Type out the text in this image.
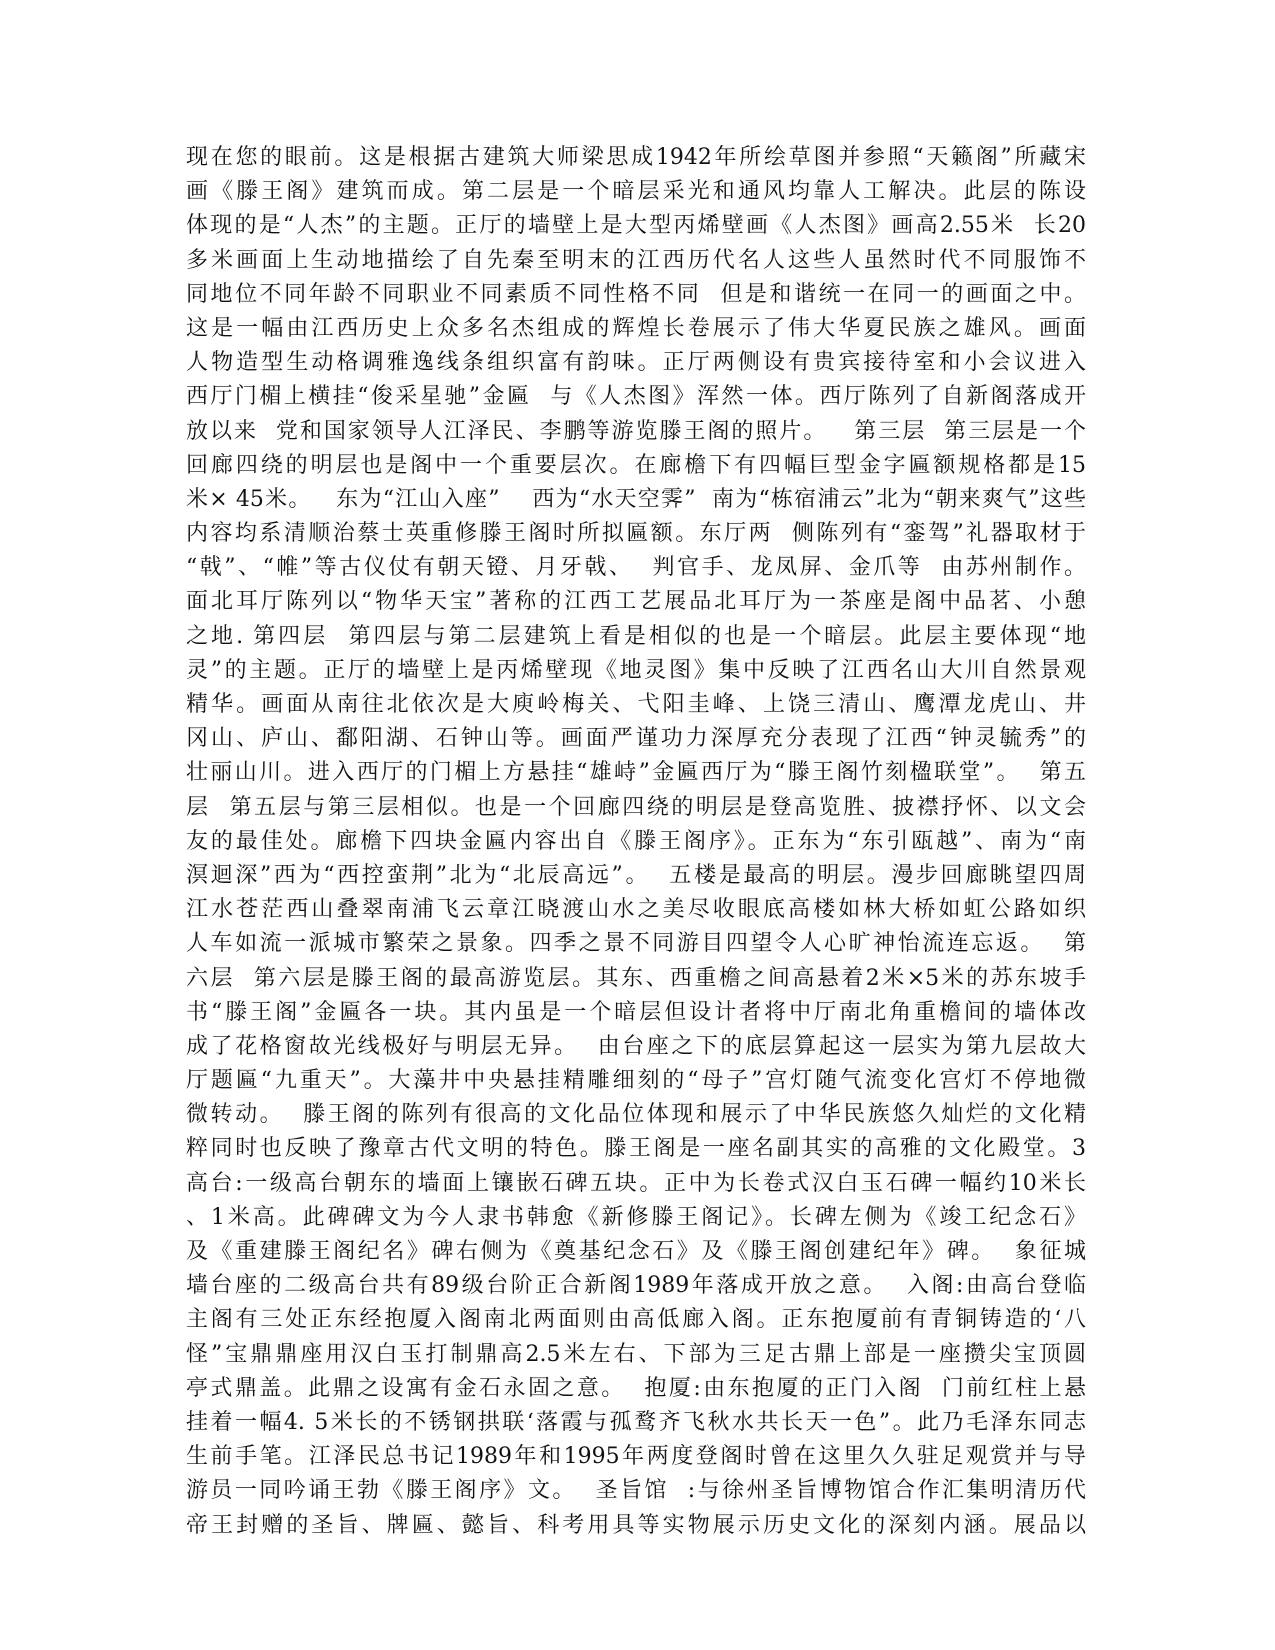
现在您的眼前。这是根据古建筑大师梁思成1942年所绘草图并参照“天籁阁”所藏宋
画《滕王阁》建筑而成。第二层是一个暗层采光和通风均靠人工解决。此层的陈设
体现的是“人杰”的主题。正厅的墙壁上是大型丙烯壁画《人杰图》画高2.55米  长20
多米画面上生动地描绘了自先秦至明末的江西历代名人这些人虽然时代不同服饰不
同地位不同年龄不同职业不同素质不同性格不同  但是和谐统一在同一的画面之中。
这是一幅由江西历史上众多名杰组成的辉煌长卷展示了伟大华夏民族之雄风。画面
人物造型生动格调雅逸线条组织富有韵味。正厅两侧设有贵宾接待室和小会议进入
西厅门楣上横挂“俊采星驰”金匾  与《人杰图》浑然一体。西厅陈列了自新阁落成开
放以来  党和国家领导人江泽民、李鹏等游览滕王阁的照片。   第三层  第三层是一个
回廊四绕的明层也是阁中一个重要层次。在廊檐下有四幅巨型金字匾额规格都是15
米× 45米。   东为“江山入座”    西为“水天空霁”  南为“栋宿浦云”北为“朝来爽气”这些
内容均系清顺治蔡士英重修滕王阁时所拟匾额。东厅两  侧陈列有“銮驾”礼器取材于
“戟”、“帷”等古仪仗有朝天镫、月牙戟、  判官手、龙凤屏、金爪等  由苏州制作。
面北耳厅陈列以“物华天宝”著称的江西工艺展品北耳厅为一茶座是阁中品茗、小憩
之地. 第四层  第四层与第二层建筑上看是相似的也是一个暗层。此层主要体现“地
灵”的主题。正厅的墙壁上是丙烯壁现《地灵图》集中反映了江西名山大川自然景观
精华。画面从南往北依次是大庾岭梅关、弋阳圭峰、上饶三清山、鹰潭龙虎山、井
冈山、庐山、鄱阳湖、石钟山等。画面严谨功力深厚充分表现了江西“钟灵毓秀”的
壮丽山川。进入西厅的门楣上方悬挂“雄峙”金匾西厅为“滕王阁竹刻楹联堂”。  第五
层  第五层与第三层相似。也是一个回廊四绕的明层是登高览胜、披襟抒怀、以文会
友的最佳处。廊檐下四块金匾内容出自《滕王阁序》。正东为“东引瓯越”、南为“南
溟迴深”西为“西控蛮荆”北为“北辰高远”。  五楼是最高的明层。漫步回廊眺望四周
江水苍茫西山叠翠南浦飞云章江晓渡山水之美尽收眼底高楼如林大桥如虹公路如织
人车如流一派城市繁荣之景象。四季之景不同游目四望令人心旷神怡流连忘返。  第
六层  第六层是滕王阁的最高游览层。其东、西重檐之间高悬着2米×5米的苏东坡手
书“滕王阁”金匾各一块。其内虽是一个暗层但设计者将中厅南北角重檐间的墙体改
成了花格窗故光线极好与明层无异。  由台座之下的底层算起这一层实为第九层故大
厅题匾“九重天”。大藻井中央悬挂精雕细刻的“母子”宫灯随气流变化宫灯不停地微
微转动。  滕王阁的陈列有很高的文化品位体现和展示了中华民族悠久灿烂的文化精
粹同时也反映了豫章古代文明的特色。滕王阁是一座名副其实的高雅的文化殿堂。3
高台:一级高台朝东的墙面上镶嵌石碑五块。正中为长卷式汉白玉石碑一幅约10米长
、1米高。此碑碑文为今人隶书韩愈《新修滕王阁记》。长碑左侧为《竣工纪念石》
及《重建滕王阁纪名》碑右侧为《奠基纪念石》及《滕王阁创建纪年》碑。  象征城
墙台座的二级高台共有89级台阶正合新阁1989年落成开放之意。  入阁:由高台登临
主阁有三处正东经抱厦入阁南北两面则由高低廊入阁。正东抱厦前有青铜铸造的‘八
怪”宝鼎鼎座用汉白玉打制鼎高2.5米左右、下部为三足古鼎上部是一座攒尖宝顶圆
亭式鼎盖。此鼎之设寓有金石永固之意。  抱厦:由东抱厦的正门入阁  门前红柱上悬
挂着一幅4. 5米长的不锈钢拱联‘落霞与孤鹜齐飞秋水共长天一色”。此乃毛泽东同志
生前手笔。江泽民总书记1989年和1995年两度登阁时曾在这里久久驻足观赏并与导
游员一同吟诵王勃《滕王阁序》文。  圣旨馆  :与徐州圣旨博物馆合作汇集明清历代
帝王封赠的圣旨、牌匾、懿旨、科考用具等实物展示历史文化的深刻内涵。展品以
